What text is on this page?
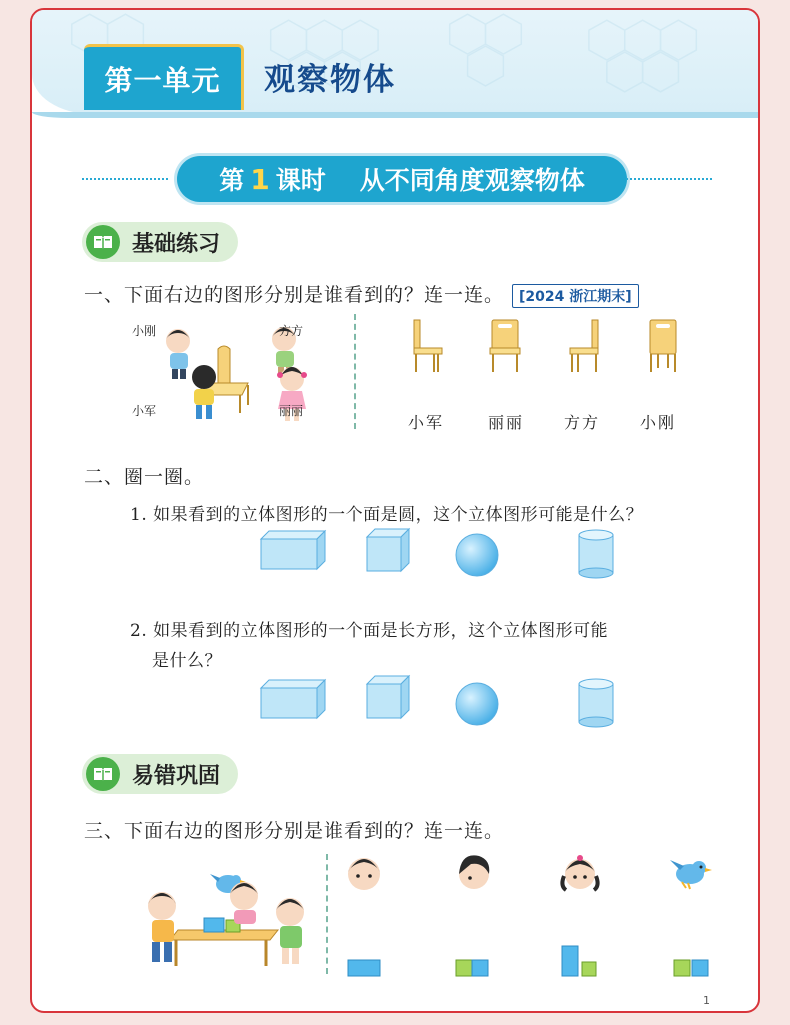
第一单元	观察物体
第 1 课时 从不同角度观察物体
基础练习
一、下面右边的图形分别是谁看到的？连一连。 [2024 浙江期末]
小刚	方方
小军	丽丽
小军	丽丽 方方 小刚
二、圈一圈。
1. 如果看到的立体图形的一个面是圆，这个立体图形可能是什么？
2. 如果看到的立体图形的一个面是长方形，这个立体图形可能
是什么？
易错巩固
三、下面右边的图形分别是谁看到的？连一连。
1
